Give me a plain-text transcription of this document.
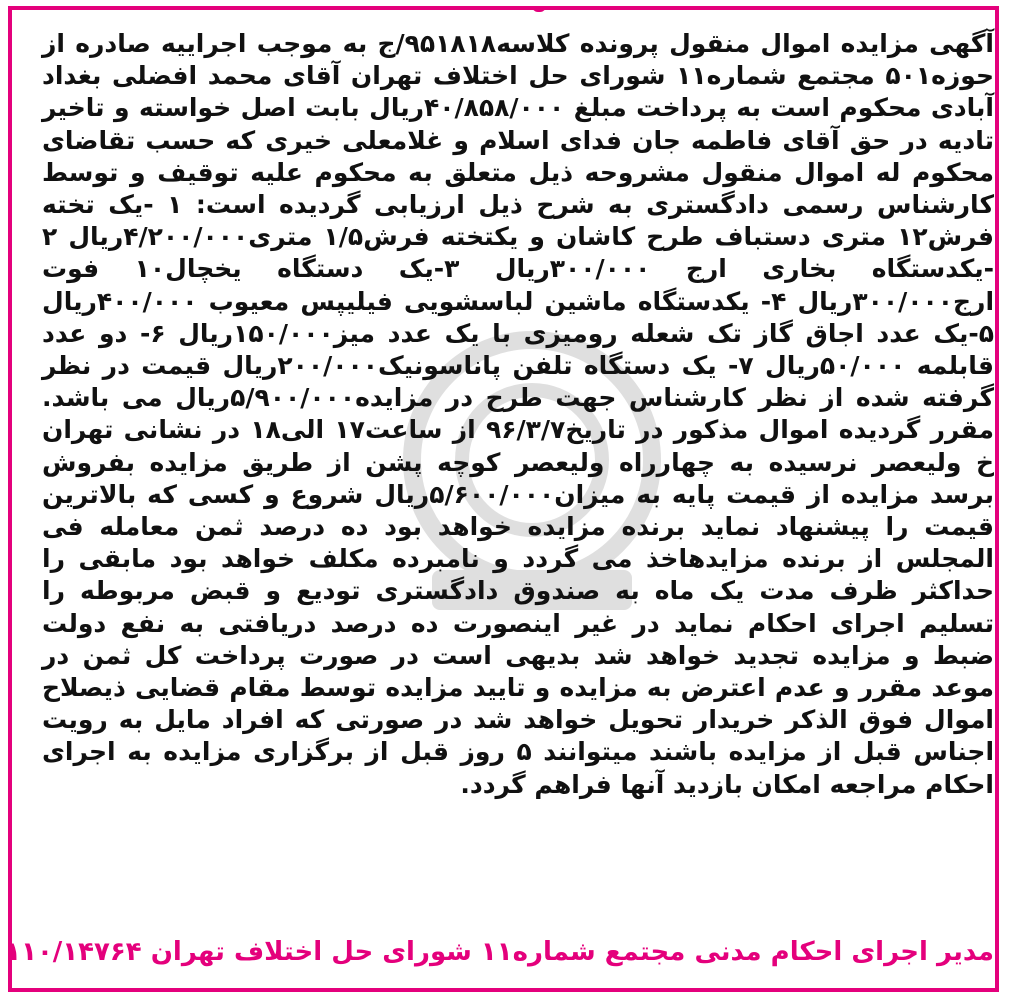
آگهی مزایده اموال منقول پرونده کلاسه۹۵۱۸۱۸/ج به موجب اجراییه صادره از حوزه۵۰۱ مجتمع شماره۱۱ شورای حل اختلاف تهران آقای محمد افضلی بغداد آبادی محکوم است به پرداخت مبلغ ۴۰/۸۵۸/۰۰۰ریال بابت اصل خواسته و تاخیر تادیه در حق آقای فاطمه جان فدای اسلام و غلامعلی خیری که حسب تقاضای محکوم له اموال منقول مشروحه ذیل متعلق به محکوم علیه توقیف و توسط کارشناس رسمی دادگستری به شرح ذیل ارزیابی گردیده است: ۱ -یک تخته فرش۱۲ متری دستباف طرح کاشان و یکتخته فرش۱/۵ متری۴/۲۰۰/۰۰۰ریال ۲ -یکدستگاه بخاری ارج ۳۰۰/۰۰۰ریال ۳-یک دستگاه یخچال۱۰ فوت ارج۳۰۰/۰۰۰ریال ۴- یکدستگاه ماشین لباسشویی فیلیپس معیوب ۴۰۰/۰۰۰ریال ۵-یک عدد اجاق گاز تک شعله رومیزی با یک عدد میز۱۵۰/۰۰۰ریال ۶- دو عدد قابلمه ۵۰/۰۰۰ریال ۷- یک دستگاه تلفن پاناسونیک۲۰۰/۰۰۰ریال قیمت در نظر گرفته شده از نظر کارشناس جهت طرح در مزایده۵/۹۰۰/۰۰۰ریال می باشد. مقرر گردیده اموال مذکور در تاریخ۹۶/۳/۷ از ساعت۱۷ الی۱۸ در نشانی تهران خ ولیعصر نرسیده به چهارراه ولیعصر کوچه پشن از طریق مزایده بفروش برسد مزایده از قیمت پایه به میزان۵/۶۰۰/۰۰۰ریال شروع و کسی که بالاترین قیمت را پیشنهاد نماید برنده مزایده خواهد بود ده درصد ثمن معامله فی المجلس از برنده مزایدهاخذ می گردد و نامبرده مکلف خواهد بود مابقی را حداکثر ظرف مدت یک ماه به صندوق دادگستری تودیع و قبض مربوطه را تسلیم اجرای احکام نماید در غیر اینصورت ده درصد دریافتی به نفع دولت ضبط و مزایده تجدید خواهد شد بدیهی است در صورت پرداخت کل ثمن در موعد مقرر و عدم اعترض به مزایده و تایید مزایده توسط مقام قضایی ذیصلاح اموال فوق الذکر خریدار تحویل خواهد شد در صورتی که افراد مایل به رویت اجناس قبل از مزایده باشند میتوانند ۵ روز قبل از برگزاری مزایده به اجرای احکام مراجعه امکان بازدید آنها فراهم گردد.

مدیر اجرای احکام مدنی مجتمع شماره۱۱ شورای حل اختلاف تهران ۱۱۰/۱۴۷۶۴
